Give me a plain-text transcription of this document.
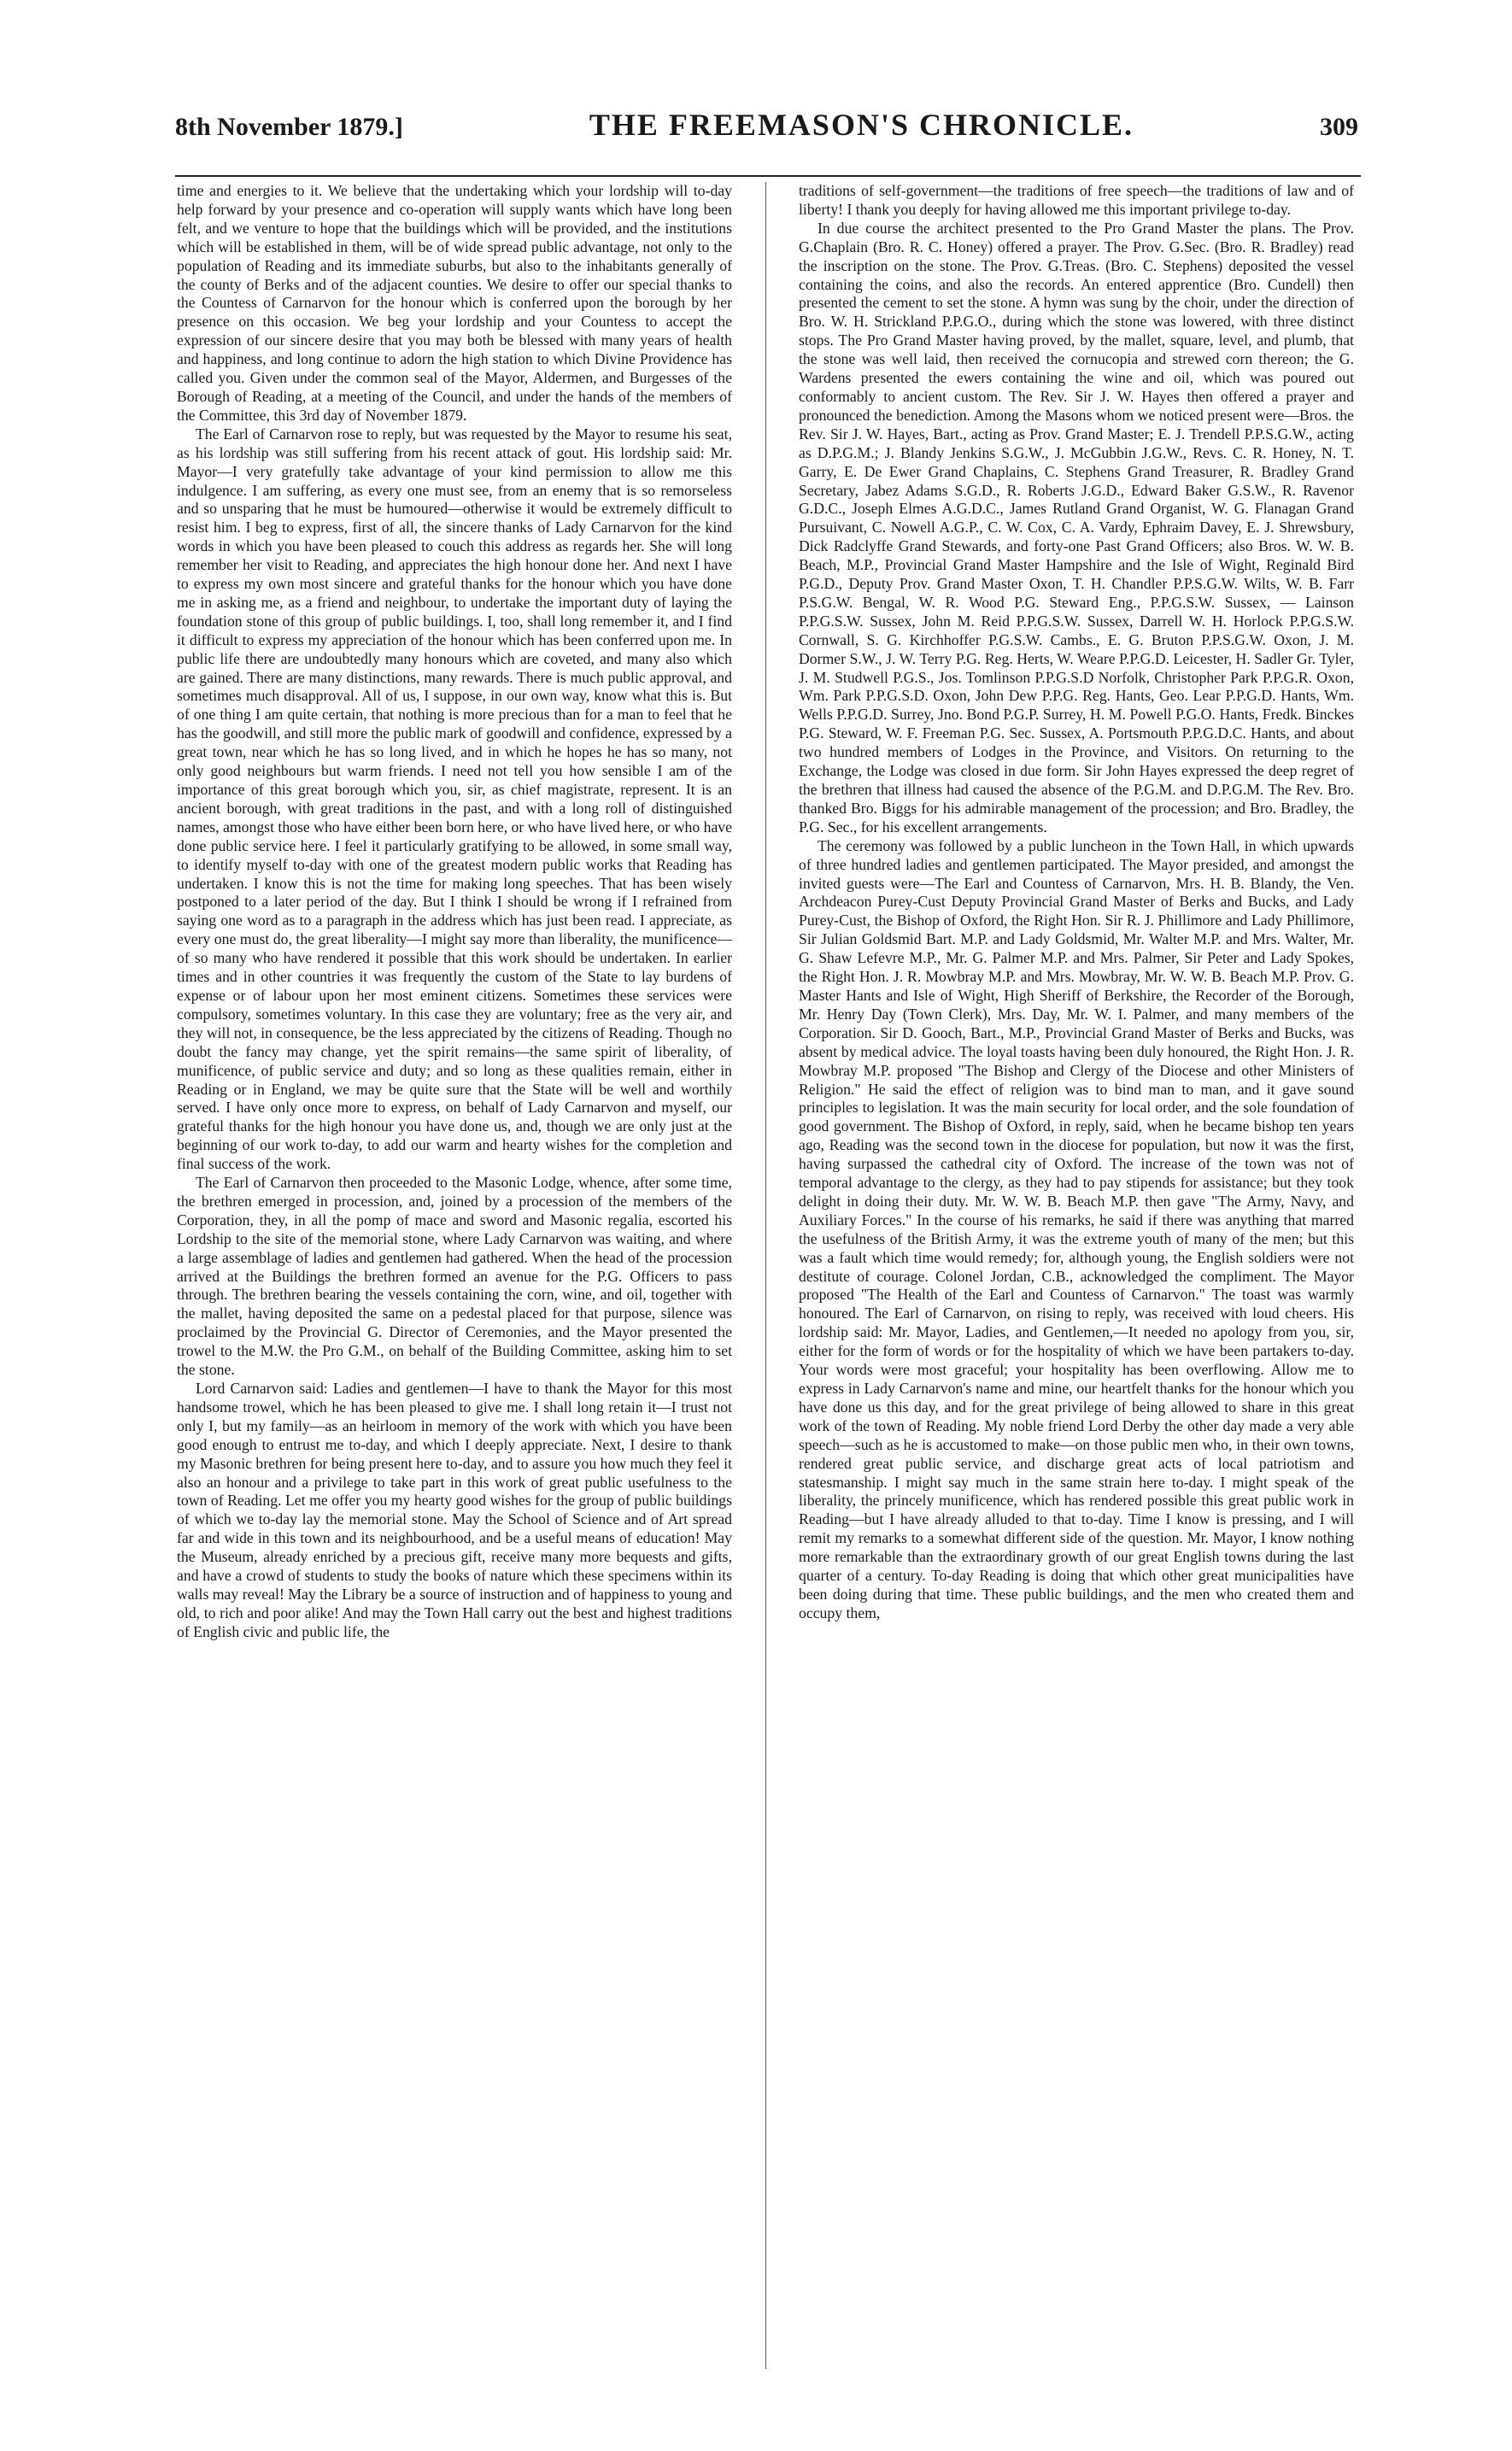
8th November 1879.]	THE FREEMASON'S CHRONICLE.	309

time and energies to it. We believe that the undertaking which your lordship will to-day help forward by your presence and co-operation will supply wants which have long been felt, and we venture to hope that the buildings which will be provided, and the institutions which will be established in them, will be of wide spread public advantage, not only to the population of Reading and its immediate suburbs, but also to the inhabitants generally of the county of Berks and of the adjacent counties. We desire to offer our special thanks to the Countess of Carnarvon for the honour which is conferred upon the borough by her presence on this occasion. We beg your lordship and your Countess to accept the expression of our sincere desire that you may both be blessed with many years of health and happiness, and long continue to adorn the high station to which Divine Providence has called you. Given under the common seal of the Mayor, Aldermen, and Burgesses of the Borough of Reading, at a meeting of the Council, and under the hands of the members of the Committee, this 3rd day of November 1879.

The Earl of Carnarvon rose to reply, but was requested by the Mayor to resume his seat, as his lordship was still suffering from his recent attack of gout. His lordship said: Mr. Mayor—I very gratefully take advantage of your kind permission to allow me this indulgence. I am suffering, as every one must see, from an enemy that is so remorseless and so unsparing that he must be humoured—otherwise it would be extremely difficult to resist him. I beg to express, first of all, the sincere thanks of Lady Carnarvon for the kind words in which you have been pleased to couch this address as regards her. She will long remember her visit to Reading, and appreciates the high honour done her. And next I have to express my own most sincere and grateful thanks for the honour which you have done me in asking me, as a friend and neighbour, to undertake the important duty of laying the foundation stone of this group of public buildings. I, too, shall long remember it, and I find it difficult to express my appreciation of the honour which has been conferred upon me. In public life there are undoubtedly many honours which are coveted, and many also which are gained. There are many distinctions, many rewards. There is much public approval, and sometimes much disapproval. All of us, I suppose, in our own way, know what this is. But of one thing I am quite certain, that nothing is more precious than for a man to feel that he has the goodwill, and still more the public mark of goodwill and confidence, expressed by a great town, near which he has so long lived, and in which he hopes he has so many, not only good neighbours but warm friends. I need not tell you how sensible I am of the importance of this great borough which you, sir, as chief magistrate, represent. It is an ancient borough, with great traditions in the past, and with a long roll of distinguished names, amongst those who have either been born here, or who have lived here, or who have done public service here. I feel it particularly gratifying to be allowed, in some small way, to identify myself to-day with one of the greatest modern public works that Reading has undertaken. I know this is not the time for making long speeches. That has been wisely postponed to a later period of the day. But I think I should be wrong if I refrained from saying one word as to a paragraph in the address which has just been read. I appreciate, as every one must do, the great liberality—I might say more than liberality, the munificence—of so many who have rendered it possible that this work should be undertaken. In earlier times and in other countries it was frequently the custom of the State to lay burdens of expense or of labour upon her most eminent citizens. Sometimes these services were compulsory, sometimes voluntary. In this case they are voluntary; free as the very air, and they will not, in consequence, be the less appreciated by the citizens of Reading. Though no doubt the fancy may change, yet the spirit remains—the same spirit of liberality, of munificence, of public service and duty; and so long as these qualities remain, either in Reading or in England, we may be quite sure that the State will be well and worthily served. I have only once more to express, on behalf of Lady Carnarvon and myself, our grateful thanks for the high honour you have done us, and, though we are only just at the beginning of our work to-day, to add our warm and hearty wishes for the completion and final success of the work.

The Earl of Carnarvon then proceeded to the Masonic Lodge, whence, after some time, the brethren emerged in procession, and, joined by a procession of the members of the Corporation, they, in all the pomp of mace and sword and Masonic regalia, escorted his Lordship to the site of the memorial stone, where Lady Carnarvon was waiting, and where a large assemblage of ladies and gentlemen had gathered. When the head of the procession arrived at the Buildings the brethren formed an avenue for the P.G. Officers to pass through. The brethren bearing the vessels containing the corn, wine, and oil, together with the mallet, having deposited the same on a pedestal placed for that purpose, silence was proclaimed by the Provincial G. Director of Ceremonies, and the Mayor presented the trowel to the M.W. the Pro G.M., on behalf of the Building Committee, asking him to set the stone.

Lord Carnarvon said: Ladies and gentlemen—I have to thank the Mayor for this most handsome trowel, which he has been pleased to give me. I shall long retain it—I trust not only I, but my family—as an heirloom in memory of the work with which you have been good enough to entrust me to-day, and which I deeply appreciate. Next, I desire to thank my Masonic brethren for being present here to-day, and to assure you how much they feel it also an honour and a privilege to take part in this work of great public usefulness to the town of Reading. Let me offer you my hearty good wishes for the group of public buildings of which we to-day lay the memorial stone. May the School of Science and of Art spread far and wide in this town and its neighbourhood, and be a useful means of education! May the Museum, already enriched by a precious gift, receive many more bequests and gifts, and have a crowd of students to study the books of nature which these specimens within its walls may reveal! May the Library be a source of instruction and of happiness to young and old, to rich and poor alike! And may the Town Hall carry out the best and highest traditions of English civic and public life, the

traditions of self-government—the traditions of free speech—the traditions of law and of liberty! I thank you deeply for having allowed me this important privilege to-day.

In due course the architect presented to the Pro Grand Master the plans. The Prov. G.Chaplain (Bro. R. C. Honey) offered a prayer. The Prov. G.Sec. (Bro. R. Bradley) read the inscription on the stone. The Prov. G.Treas. (Bro. C. Stephens) deposited the vessel containing the coins, and also the records. An entered apprentice (Bro. Cundell) then presented the cement to set the stone. A hymn was sung by the choir, under the direction of Bro. W. H. Strickland P.P.G.O., during which the stone was lowered, with three distinct stops. The Pro Grand Master having proved, by the mallet, square, level, and plumb, that the stone was well laid, then received the cornucopia and strewed corn thereon; the G. Wardens presented the ewers containing the wine and oil, which was poured out conformably to ancient custom. The Rev. Sir J. W. Hayes then offered a prayer and pronounced the benediction. Among the Masons whom we noticed present were—Bros. the Rev. Sir J. W. Hayes, Bart., acting as Prov. Grand Master; E. J. Trendell P.P.S.G.W., acting as D.P.G.M.; J. Blandy Jenkins S.G.W., J. McGubbin J.G.W., Revs. C. R. Honey, N. T. Garry, E. De Ewer Grand Chaplains, C. Stephens Grand Treasurer, R. Bradley Grand Secretary, Jabez Adams S.G.D., R. Roberts J.G.D., Edward Baker G.S.W., R. Ravenor G.D.C., Joseph Elmes A.G.D.C., James Rutland Grand Organist, W. G. Flanagan Grand Pursuivant, C. Nowell A.G.P., C. W. Cox, C. A. Vardy, Ephraim Davey, E. J. Shrewsbury, Dick Radclyffe Grand Stewards, and forty-one Past Grand Officers; also Bros. W. W. B. Beach, M.P., Provincial Grand Master Hampshire and the Isle of Wight, Reginald Bird P.G.D., Deputy Prov. Grand Master Oxon, T. H. Chandler P.P.S.G.W. Wilts, W. B. Farr P.S.G.W. Bengal, W. R. Wood P.G. Steward Eng., P.P.G.S.W. Sussex, — Lainson P.P.G.S.W. Sussex, John M. Reid P.P.G.S.W. Sussex, Darrell W. H. Horlock P.P.G.S.W. Cornwall, S. G. Kirchhoffer P.G.S.W. Cambs., E. G. Bruton P.P.S.G.W. Oxon, J. M. Dormer S.W., J. W. Terry P.G. Reg. Herts, W. Weare P.P.G.D. Leicester, H. Sadler Gr. Tyler, J. M. Studwell P.G.S., Jos. Tomlinson P.P.G.S.D Norfolk, Christopher Park P.P.G.R. Oxon, Wm. Park P.P.G.S.D. Oxon, John Dew P.P.G. Reg. Hants, Geo. Lear P.P.G.D. Hants, Wm. Wells P.P.G.D. Surrey, Jno. Bond P.G.P. Surrey, H. M. Powell P.G.O. Hants, Fredk. Binckes P.G. Steward, W. F. Freeman P.G. Sec. Sussex, A. Portsmouth P.P.G.D.C. Hants, and about two hundred members of Lodges in the Province, and Visitors. On returning to the Exchange, the Lodge was closed in due form. Sir John Hayes expressed the deep regret of the brethren that illness had caused the absence of the P.G.M. and D.P.G.M. The Rev. Bro. thanked Bro. Biggs for his admirable management of the procession; and Bro. Bradley, the P.G. Sec., for his excellent arrangements.

The ceremony was followed by a public luncheon in the Town Hall, in which upwards of three hundred ladies and gentlemen participated. The Mayor presided, and amongst the invited guests were—The Earl and Countess of Carnarvon, Mrs. H. B. Blandy, the Ven. Archdeacon Purey-Cust Deputy Provincial Grand Master of Berks and Bucks, and Lady Purey-Cust, the Bishop of Oxford, the Right Hon. Sir R. J. Phillimore and Lady Phillimore, Sir Julian Goldsmid Bart. M.P. and Lady Goldsmid, Mr. Walter M.P. and Mrs. Walter, Mr. G. Shaw Lefevre M.P., Mr. G. Palmer M.P. and Mrs. Palmer, Sir Peter and Lady Spokes, the Right Hon. J. R. Mowbray M.P. and Mrs. Mowbray, Mr. W. W. B. Beach M.P. Prov. G. Master Hants and Isle of Wight, High Sheriff of Berkshire, the Recorder of the Borough, Mr. Henry Day (Town Clerk), Mrs. Day, Mr. W. I. Palmer, and many members of the Corporation. Sir D. Gooch, Bart., M.P., Provincial Grand Master of Berks and Bucks, was absent by medical advice. The loyal toasts having been duly honoured, the Right Hon. J. R. Mowbray M.P. proposed "The Bishop and Clergy of the Diocese and other Ministers of Religion." He said the effect of religion was to bind man to man, and it gave sound principles to legislation. It was the main security for local order, and the sole foundation of good government. The Bishop of Oxford, in reply, said, when he became bishop ten years ago, Reading was the second town in the diocese for population, but now it was the first, having surpassed the cathedral city of Oxford. The increase of the town was not of temporal advantage to the clergy, as they had to pay stipends for assistance; but they took delight in doing their duty. Mr. W. W. B. Beach M.P. then gave "The Army, Navy, and Auxiliary Forces." In the course of his remarks, he said if there was anything that marred the usefulness of the British Army, it was the extreme youth of many of the men; but this was a fault which time would remedy; for, although young, the English soldiers were not destitute of courage. Colonel Jordan, C.B., acknowledged the compliment. The Mayor proposed "The Health of the Earl and Countess of Carnarvon." The toast was warmly honoured. The Earl of Carnarvon, on rising to reply, was received with loud cheers. His lordship said: Mr. Mayor, Ladies, and Gentlemen,—It needed no apology from you, sir, either for the form of words or for the hospitality of which we have been partakers to-day. Your words were most graceful; your hospitality has been overflowing. Allow me to express in Lady Carnarvon's name and mine, our heartfelt thanks for the honour which you have done us this day, and for the great privilege of being allowed to share in this great work of the town of Reading. My noble friend Lord Derby the other day made a very able speech—such as he is accustomed to make—on those public men who, in their own towns, rendered great public service, and discharge great acts of local patriotism and statesmanship. I might say much in the same strain here to-day. I might speak of the liberality, the princely munificence, which has rendered possible this great public work in Reading—but I have already alluded to that to-day. Time I know is pressing, and I will remit my remarks to a somewhat different side of the question. Mr. Mayor, I know nothing more remarkable than the extraordinary growth of our great English towns during the last quarter of a century. To-day Reading is doing that which other great municipalities have been doing during that time. These public buildings, and the men who created them and occupy them,
